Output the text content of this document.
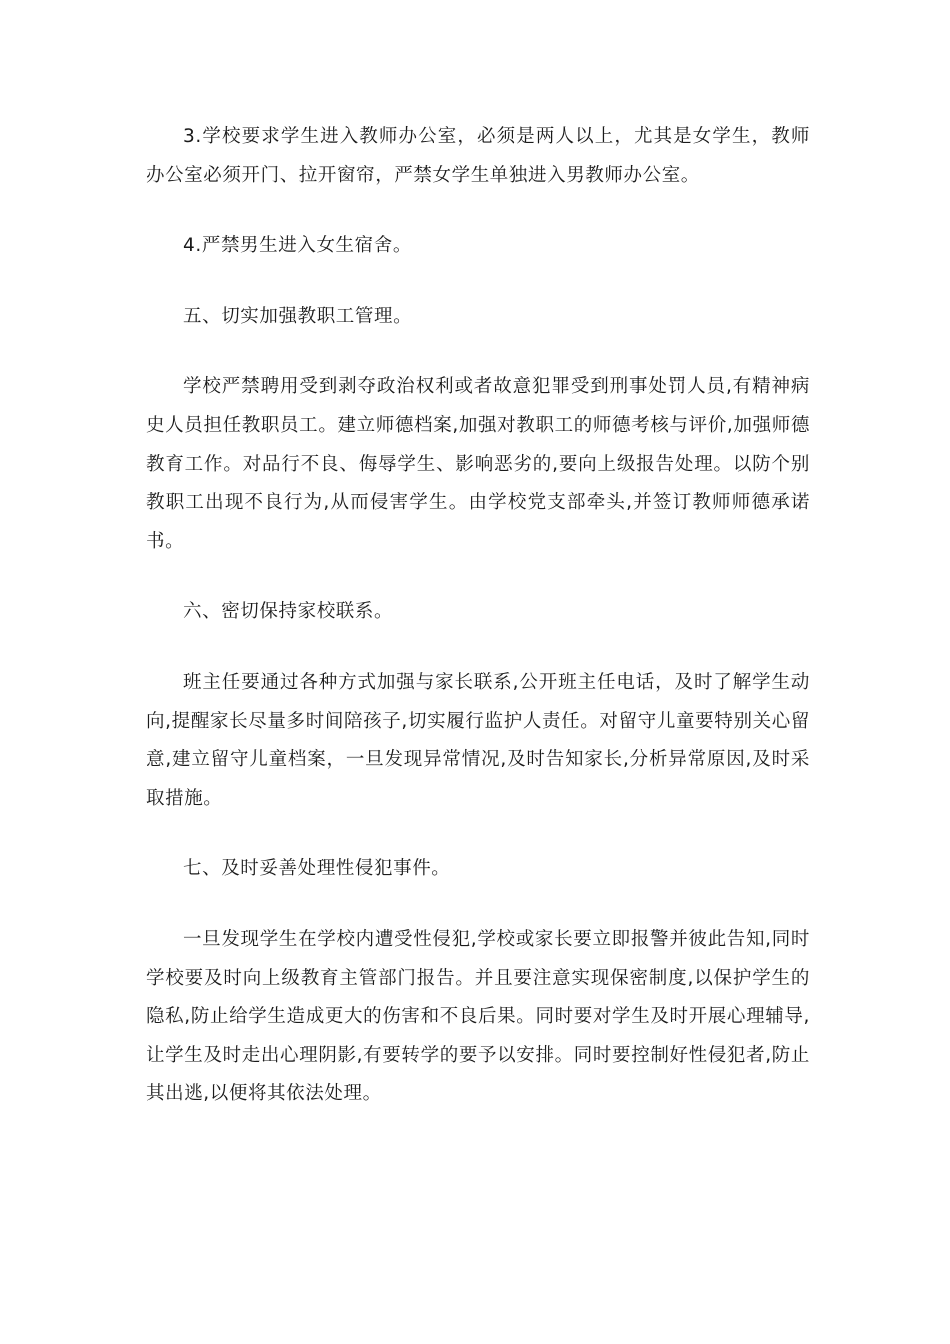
3.学校要求学生进入教师办公室，必须是两人以上，尤其是女学生，教师办公室必须开门、拉开窗帘，严禁女学生单独进入男教师办公室。

4.严禁男生进入女生宿舍。

五、切实加强教职工管理。

学校严禁聘用受到剥夺政治权利或者故意犯罪受到刑事处罚人员,有精神病史人员担任教职员工。建立师德档案,加强对教职工的师德考核与评价,加强师德教育工作。对品行不良、侮辱学生、影响恶劣的,要向上级报告处理。以防个别教职工出现不良行为,从而侵害学生。由学校党支部牵头,并签订教师师德承诺书。

六、密切保持家校联系。

班主任要通过各种方式加强与家长联系,公开班主任电话，及时了解学生动向,提醒家长尽量多时间陪孩子,切实履行监护人责任。对留守儿童要特别关心留意,建立留守儿童档案，一旦发现异常情况,及时告知家长,分析异常原因,及时采取措施。

七、及时妥善处理性侵犯事件。

一旦发现学生在学校内遭受性侵犯,学校或家长要立即报警并彼此告知,同时学校要及时向上级教育主管部门报告。并且要注意实现保密制度,以保护学生的隐私,防止给学生造成更大的伤害和不良后果。同时要对学生及时开展心理辅导,让学生及时走出心理阴影,有要转学的要予以安排。同时要控制好性侵犯者,防止其出逃,以便将其依法处理。
